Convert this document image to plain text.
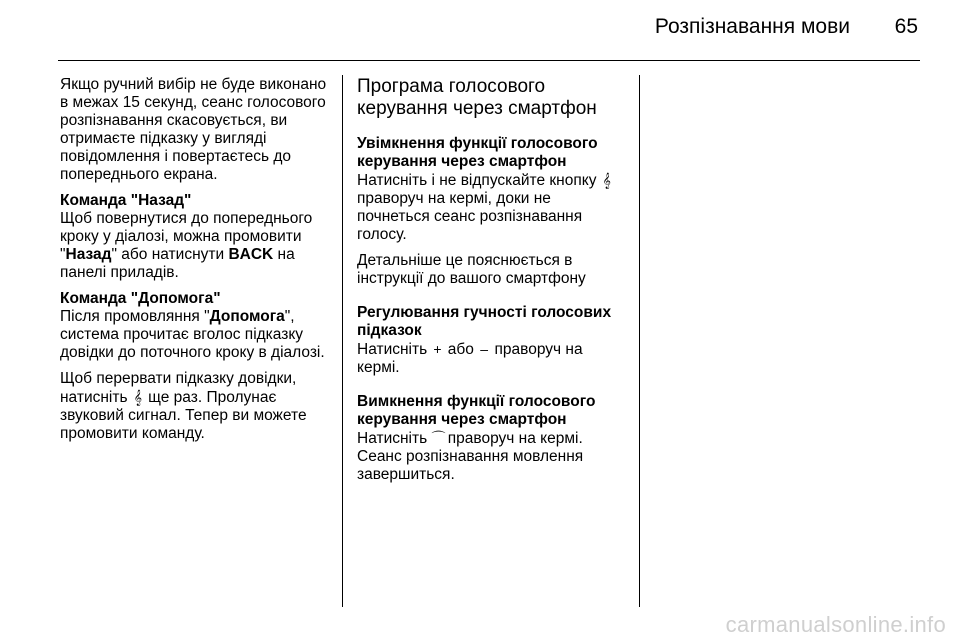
Розпізнавання мови 65

Якщо ручний вибір не буде виконано в межах 15 секунд, сеанс голосового розпізнавання скасовується, ви отримаєте підказку у вигляді повідомлення і повертаєтесь до попереднього екрана.

Команда "Назад"

Щоб повернутися до попереднього кроку у діалозі, можна промовити "Назад" або натиснути BACK на панелі приладів.

Команда "Допомога"

Після промовляння "Допомога", система прочитає вголос підказку довідки до поточного кроку в діалозі.

Щоб перервати підказку довідки, натисніть 𝄞 ще раз. Пролунає звуковий сигнал. Тепер ви можете промовити команду.

Програма голосового керування через смартфон

Увімкнення функції голосового керування через смартфон

Натисніть і не відпускайте кнопку 𝄞 праворуч на кермі, доки не почнеться сеанс розпізнавання голосу.

Детальніше це пояснюється в інструкції до вашого смартфону

Регулювання гучності голосових підказок

Натисніть + або – праворуч на кермі.

Вимкнення функції голосового керування через смартфон

Натисніть ⌒ праворуч на кермі. Сеанс розпізнавання мовлення завершиться.

carmanualsonline.info
